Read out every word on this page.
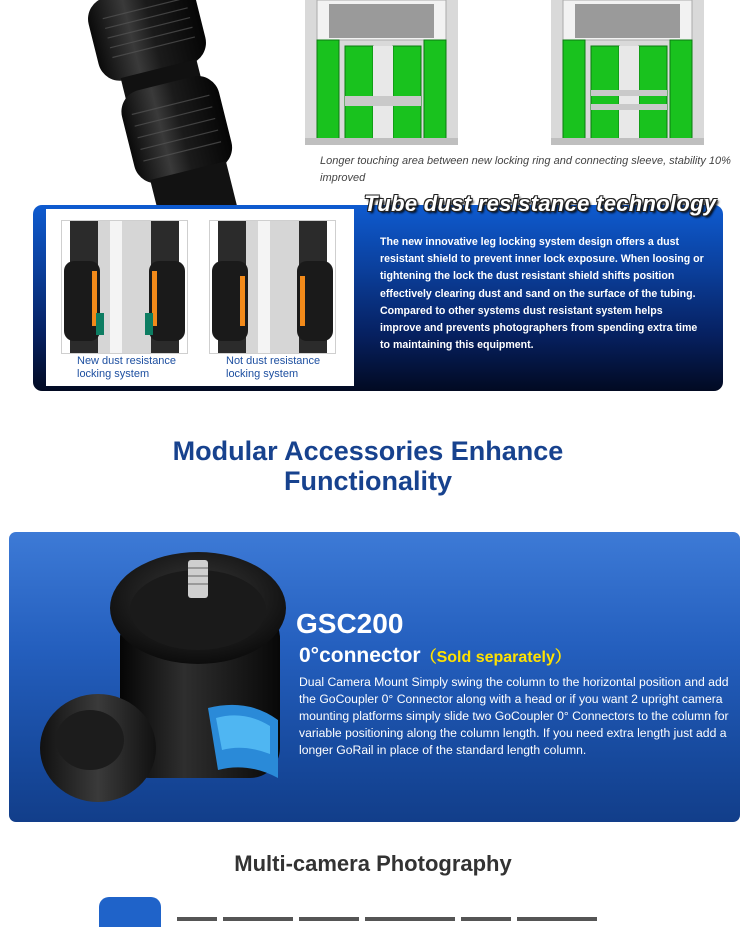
Longer touching area between new locking ring and connecting sleeve, stability 10% improved
New dust resistance
locking system
Not dust resistance
locking system
Tube dust resistance technology
The new innovative leg locking system design offers a dust resistant shield to prevent inner lock exposure. When loosing or tightening the lock the dust resistant shield shifts position effectively clearing dust and sand on the surface of the tubing. Compared to other systems dust resistant system helps improve and prevents photographers from spending extra time to maintaining this equipment.
Modular Accessories Enhance
Functionality
GSC200
0°connector（Sold separately）
Dual Camera Mount Simply swing the column to the horizontal position and add the GoCoupler 0° Connector along with a head or if you want 2 upright camera mounting platforms simply slide two GoCoupler 0° Connectors to the column for variable positioning along the column length. If you need extra length just add a longer GoRail in place of the standard length column.
Multi-camera Photography
